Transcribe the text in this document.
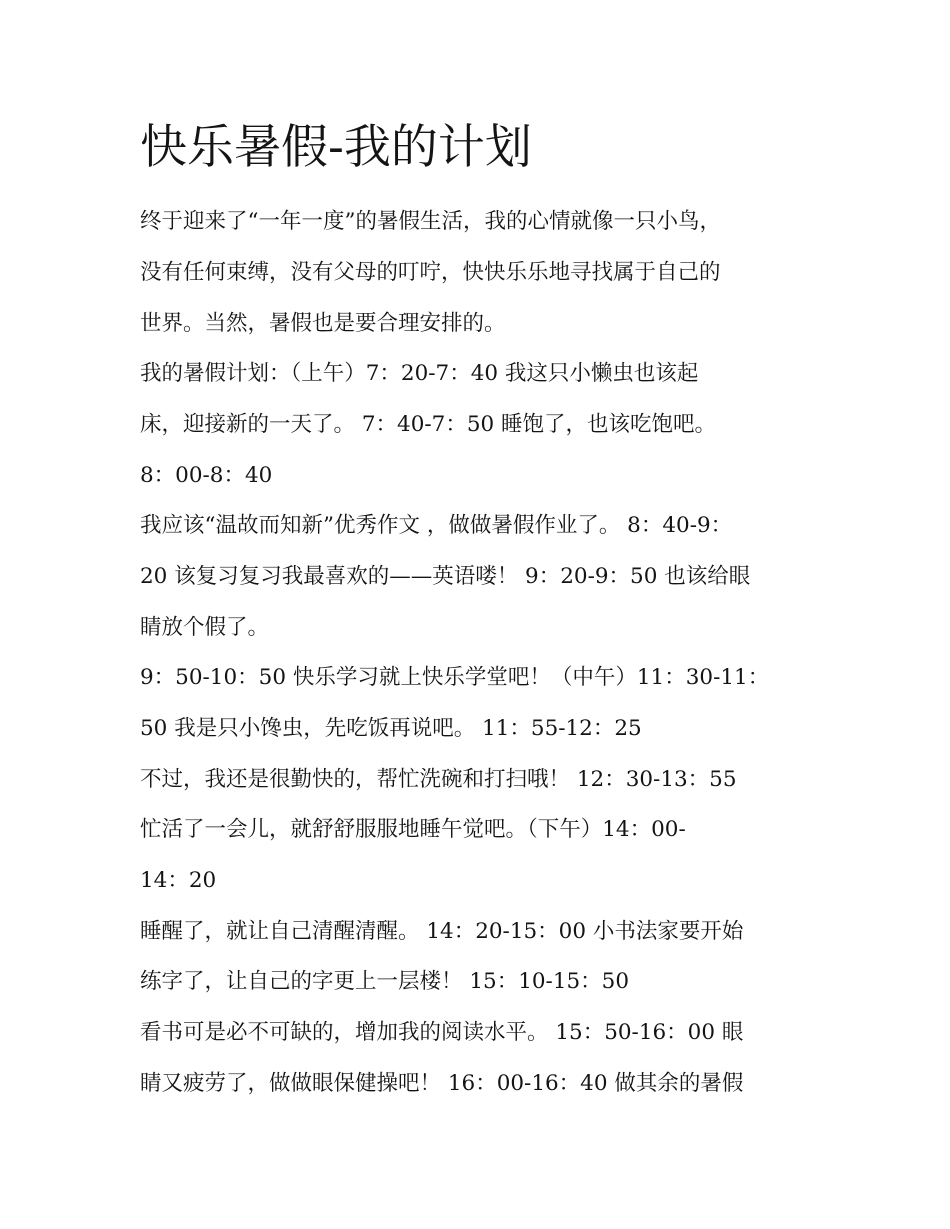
快乐暑假-我的计划

终于迎来了“一年一度”的暑假生活，我的心情就像一只小鸟，

没有任何束缚，没有父母的叮咛，快快乐乐地寻找属于自己的

世界。当然，暑假也是要合理安排的。

我的暑假计划：（上午）7：20-7：40 我这只小懒虫也该起

床，迎接新的一天了。 7：40-7：50 睡饱了，也该吃饱吧。

8：00-8：40

我应该“温故而知新”优秀作文 ，做做暑假作业了。 8：40-9：

20 该复习复习我最喜欢的——英语喽！ 9：20-9：50 也该给眼

睛放个假了。

9：50-10：50 快乐学习就上快乐学堂吧！（中午）11：30-11：

50 我是只小馋虫，先吃饭再说吧。 11：55-12：25

不过，我还是很勤快的，帮忙洗碗和打扫哦！ 12：30-13：55

忙活了一会儿，就舒舒服服地睡午觉吧。（下午）14：00-

14：20

睡醒了，就让自己清醒清醒。 14：20-15：00 小书法家要开始

练字了，让自己的字更上一层楼！ 15：10-15：50

看书可是必不可缺的，增加我的阅读水平。 15：50-16：00 眼

睛又疲劳了，做做眼保健操吧！ 16：00-16：40 做其余的暑假
